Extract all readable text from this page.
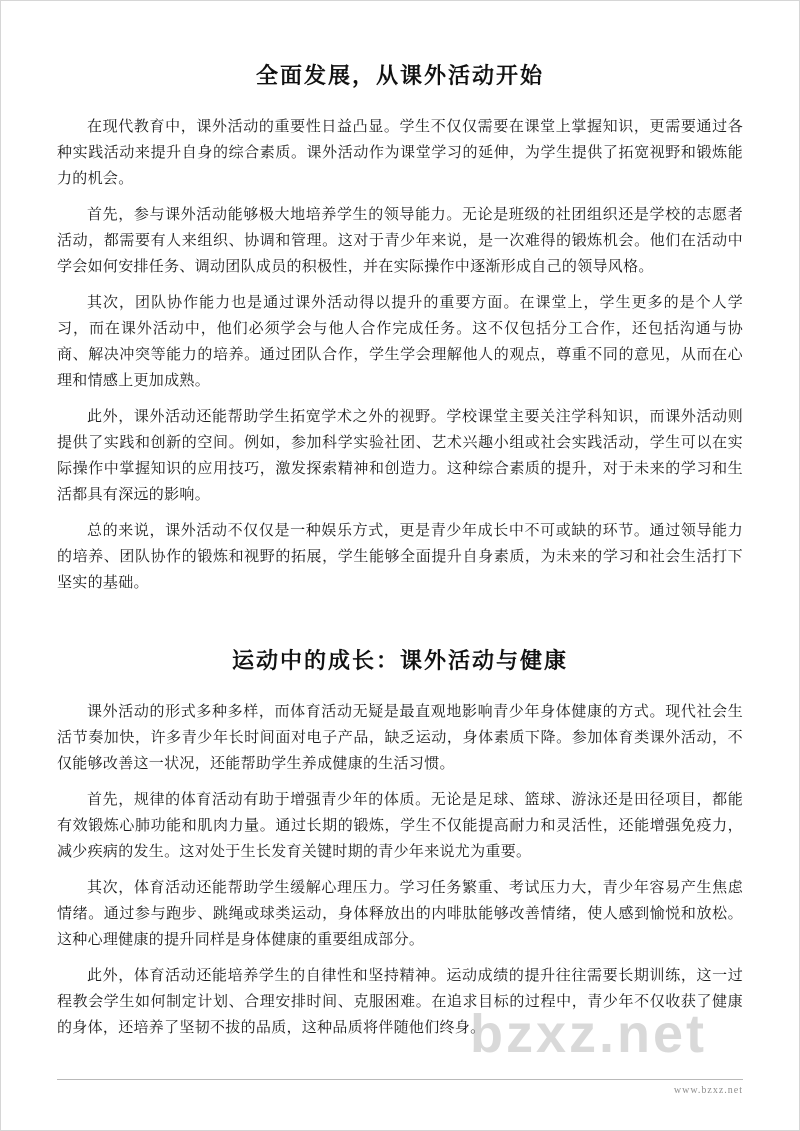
全面发展，从课外活动开始

在现代教育中，课外活动的重要性日益凸显。学生不仅仅需要在课堂上掌握知识，更需要通过各种实践活动来提升自身的综合素质。课外活动作为课堂学习的延伸，为学生提供了拓宽视野和锻炼能力的机会。

首先，参与课外活动能够极大地培养学生的领导能力。无论是班级的社团组织还是学校的志愿者活动，都需要有人来组织、协调和管理。这对于青少年来说，是一次难得的锻炼机会。他们在活动中学会如何安排任务、调动团队成员的积极性，并在实际操作中逐渐形成自己的领导风格。

其次，团队协作能力也是通过课外活动得以提升的重要方面。在课堂上，学生更多的是个人学习，而在课外活动中，他们必须学会与他人合作完成任务。这不仅包括分工合作，还包括沟通与协商、解决冲突等能力的培养。通过团队合作，学生学会理解他人的观点，尊重不同的意见，从而在心理和情感上更加成熟。

此外，课外活动还能帮助学生拓宽学术之外的视野。学校课堂主要关注学科知识，而课外活动则提供了实践和创新的空间。例如，参加科学实验社团、艺术兴趣小组或社会实践活动，学生可以在实际操作中掌握知识的应用技巧，激发探索精神和创造力。这种综合素质的提升，对于未来的学习和生活都具有深远的影响。

总的来说，课外活动不仅仅是一种娱乐方式，更是青少年成长中不可或缺的环节。通过领导能力的培养、团队协作的锻炼和视野的拓展，学生能够全面提升自身素质，为未来的学习和社会生活打下坚实的基础。

运动中的成长：课外活动与健康

课外活动的形式多种多样，而体育活动无疑是最直观地影响青少年身体健康的方式。现代社会生活节奏加快，许多青少年长时间面对电子产品，缺乏运动，身体素质下降。参加体育类课外活动，不仅能够改善这一状况，还能帮助学生养成健康的生活习惯。

首先，规律的体育活动有助于增强青少年的体质。无论是足球、篮球、游泳还是田径项目，都能有效锻炼心肺功能和肌肉力量。通过长期的锻炼，学生不仅能提高耐力和灵活性，还能增强免疫力，减少疾病的发生。这对处于生长发育关键时期的青少年来说尤为重要。

其次，体育活动还能帮助学生缓解心理压力。学习任务繁重、考试压力大，青少年容易产生焦虑情绪。通过参与跑步、跳绳或球类运动，身体释放出的内啡肽能够改善情绪，使人感到愉悦和放松。这种心理健康的提升同样是身体健康的重要组成部分。

此外，体育活动还能培养学生的自律性和坚持精神。运动成绩的提升往往需要长期训练，这一过程教会学生如何制定计划、合理安排时间、克服困难。在追求目标的过程中，青少年不仅收获了健康的身体，还培养了坚韧不拔的品质，这种品质将伴随他们终身。

bzxz.net
www.bzxz.net
